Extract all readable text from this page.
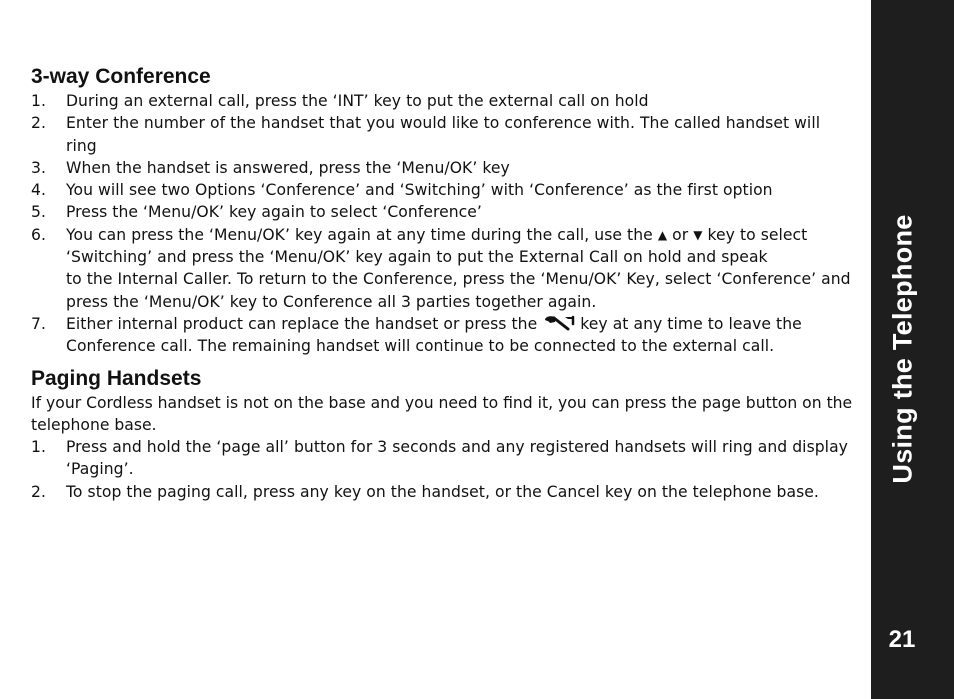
3-way Conference
1. During an external call, press the ‘INT’ key to put the external call on hold
2. Enter the number of the handset that you would like to conference with. The called handset will ring
3. When the handset is answered, press the ‘Menu/OK’ key
4. You will see two Options ‘Conference’ and ‘Switching’ with ‘Conference’ as the first option
5. Press the ‘Menu/OK’ key again to select ‘Conference’
6. You can press the ‘Menu/OK’ key again at any time during the call, use the ▲ or ▼ key to select ‘Switching’ and press the ‘Menu/OK’ key again to put the External Call on hold and speak
to the Internal Caller. To return to the Conference, press the ‘Menu/OK’ Key, select ‘Conference’ and press the ‘Menu/OK’ key to Conference all 3 parties together again.
7. Either internal product can replace the handset or press the	key at any time to leave the Conference call. The remaining handset will continue to be connected to the external call.
Paging Handsets

If your Cordless handset is not on the base and you need to find it, you can press the page button on the telephone base.

1. Press and hold the ‘page all’ button for 3 seconds and any registered handsets will ring and display ‘Paging’.
2. To stop the paging call, press any key on the handset, or the Cancel key on the telephone base.
Using the Telephone
21
